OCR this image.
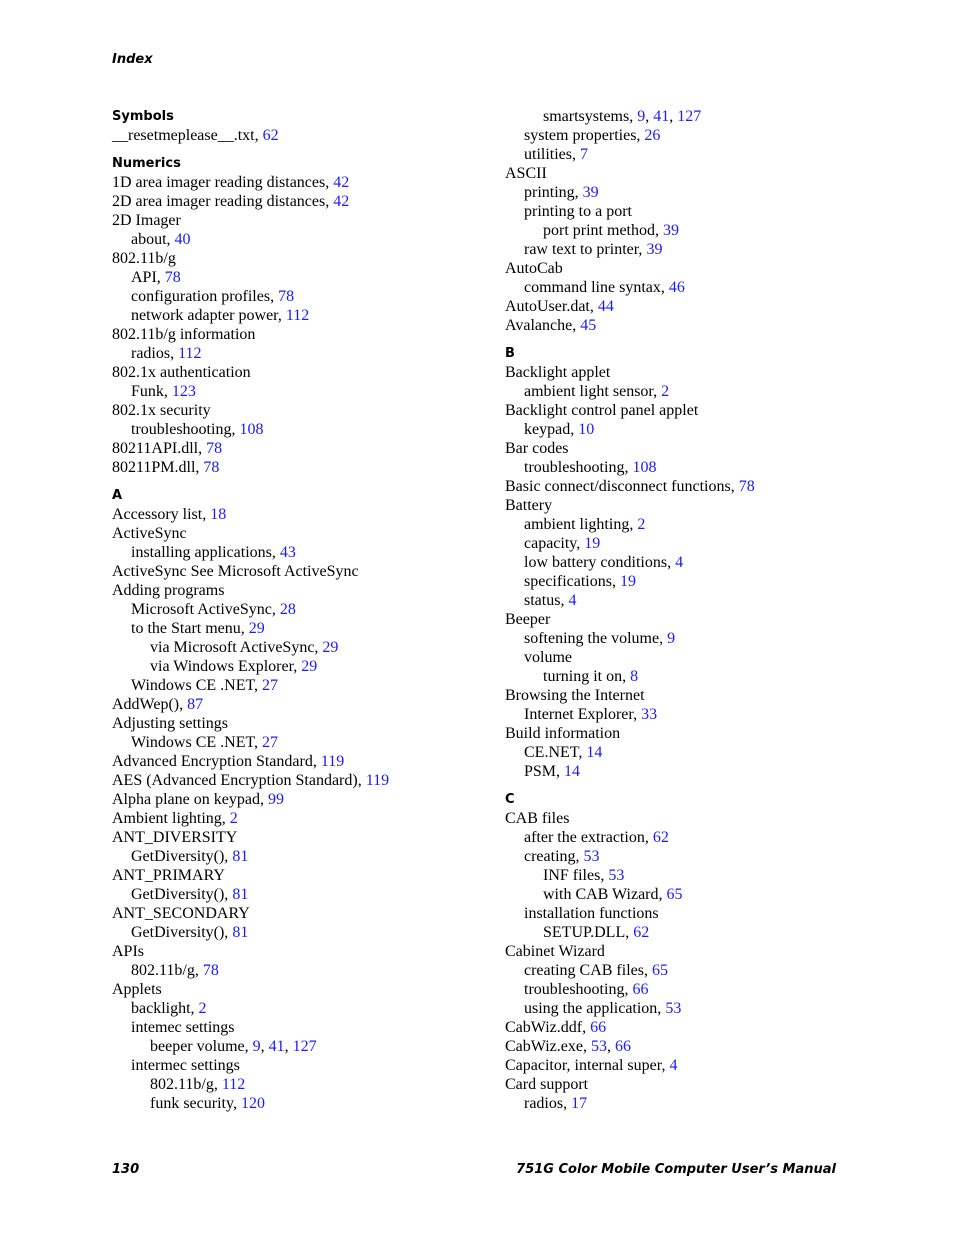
Index
Symbols
__resetmeplease__.txt, 62
Numerics
1D area imager reading distances, 42
2D area imager reading distances, 42
2D Imager
about, 40
802.11b/g
API, 78
configuration profiles, 78
network adapter power, 112
802.11b/g information
radios, 112
802.1x authentication
Funk, 123
802.1x security
troubleshooting, 108
80211API.dll, 78
80211PM.dll, 78
A
Accessory list, 18
ActiveSync
installing applications, 43
ActiveSync See Microsoft ActiveSync
Adding programs
Microsoft ActiveSync, 28
to the Start menu, 29
via Microsoft ActiveSync, 29
via Windows Explorer, 29
Windows CE .NET, 27
AddWep(), 87
Adjusting settings
Windows CE .NET, 27
Advanced Encryption Standard, 119
AES (Advanced Encryption Standard), 119
Alpha plane on keypad, 99
Ambient lighting, 2
ANT_DIVERSITY
GetDiversity(), 81
ANT_PRIMARY
GetDiversity(), 81
ANT_SECONDARY
GetDiversity(), 81
APIs
802.11b/g, 78
Applets
backlight, 2
intemec settings
beeper volume, 9, 41, 127
intermec settings
802.11b/g, 112
funk security, 120
smartsystems, 9, 41, 127
system properties, 26
utilities, 7
ASCII
printing, 39
printing to a port
port print method, 39
raw text to printer, 39
AutoCab
command line syntax, 46
AutoUser.dat, 44
Avalanche, 45
B
Backlight applet
ambient light sensor, 2
Backlight control panel applet
keypad, 10
Bar codes
troubleshooting, 108
Basic connect/disconnect functions, 78
Battery
ambient lighting, 2
capacity, 19
low battery conditions, 4
specifications, 19
status, 4
Beeper
softening the volume, 9
volume
turning it on, 8
Browsing the Internet
Internet Explorer, 33
Build information
CE.NET, 14
PSM, 14
C
CAB files
after the extraction, 62
creating, 53
INF files, 53
with CAB Wizard, 65
installation functions
SETUP.DLL, 62
Cabinet Wizard
creating CAB files, 65
troubleshooting, 66
using the application, 53
CabWiz.ddf, 66
CabWiz.exe, 53, 66
Capacitor, internal super, 4
Card support
radios, 17
130	751G Color Mobile Computer User’s Manual
